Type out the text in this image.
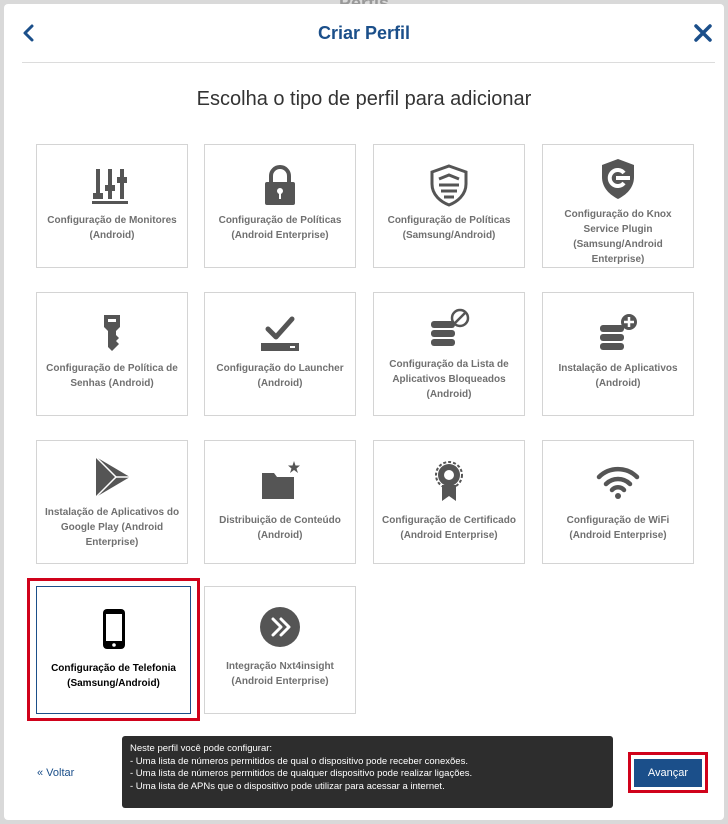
Criar Perfil
Escolha o tipo de perfil para adicionar
Configuração de Monitores
(Android)
Configuração de Políticas
(Android Enterprise)
Configuração de Políticas
(Samsung/Android)
Configuração do Knox
Service Plugin
(Samsung/Android
Enterprise)
Configuração de Política de
Senhas (Android)
Configuração do Launcher
(Android)
Configuração da Lista de
Aplicativos Bloqueados
(Android)
Instalação de Aplicativos
(Android)
Instalação de Aplicativos do
Google Play (Android
Enterprise)
Distribuição de Conteúdo
(Android)
Configuração de Certificado
(Android Enterprise)
Configuração de WiFi
(Android Enterprise)
Configuração de Telefonia
(Samsung/Android)
Integração Nxt4insight
(Android Enterprise)
« Voltar
Neste perfil você pode configurar:
- Uma lista de números permitidos de qual o dispositivo pode receber conexões.
- Uma lista de números permitidos de qualquer dispositivo pode realizar ligações.
- Uma lista de APNs que o dispositivo pode utilizar para acessar a internet.
Avançar
